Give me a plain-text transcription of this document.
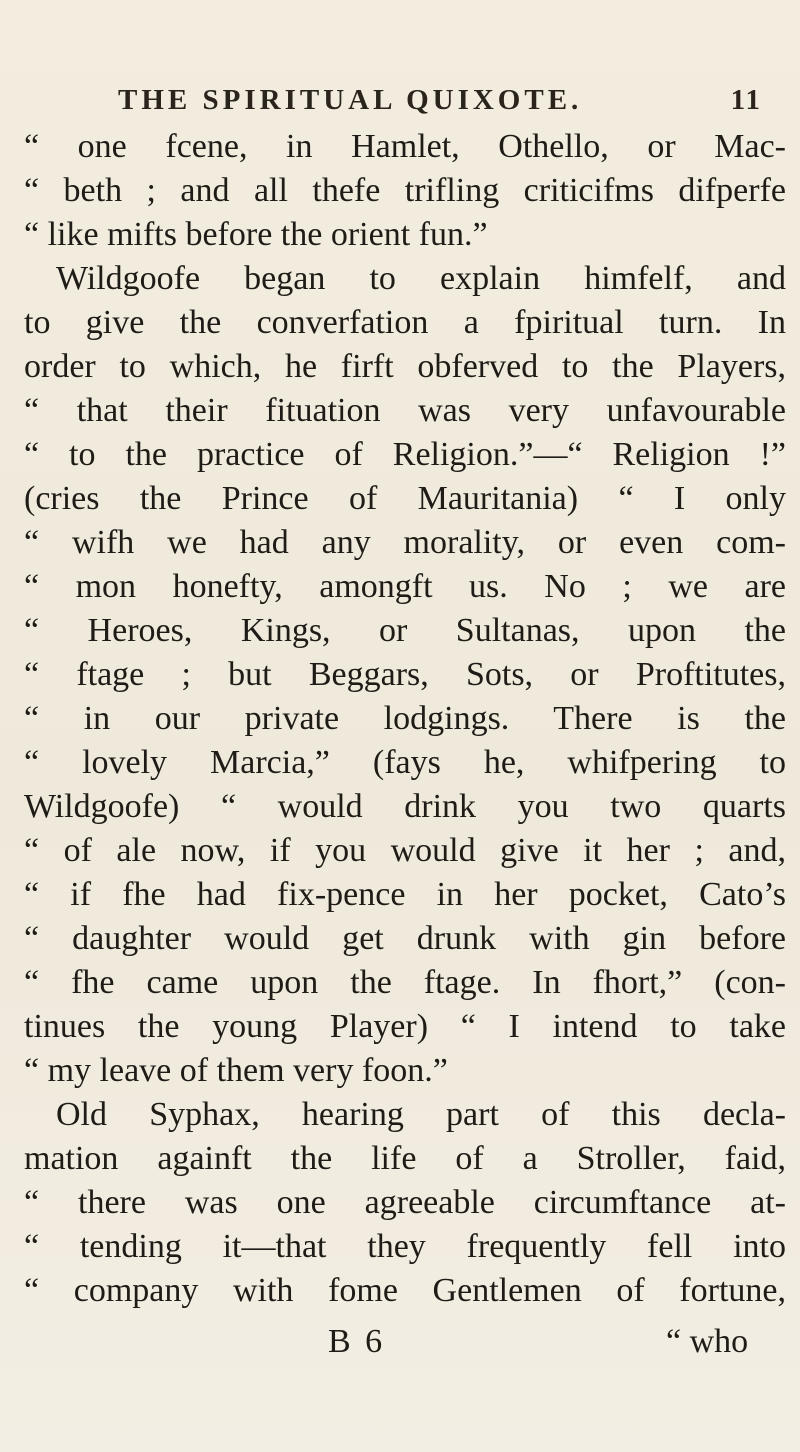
THE SPIRITUAL QUIXOTE.	11
“ one fcene, in Hamlet, Othello, or Mac-
“ beth ; and all thefe trifling criticifms difperfe
“ like mifts before the orient fun.”
Wildgoofe began to explain himfelf, and
to give the converfation a fpiritual turn. In
order to which, he firft obferved to the Players,
“ that their fituation was very unfavourable
“ to the practice of Religion.”—“ Religion !”
(cries the Prince of Mauritania) “ I only
“ wifh we had any morality, or even com-
“ mon honefty, amongft us. No ; we are
“ Heroes, Kings, or Sultanas, upon the
“ ftage ; but Beggars, Sots, or Proftitutes,
“ in our private lodgings. There is the
“ lovely Marcia,” (fays he, whifpering to
Wildgoofe) “ would drink you two quarts
“ of ale now, if you would give it her ; and,
“ if fhe had fix-pence in her pocket, Cato’s
“ daughter would get drunk with gin before
“ fhe came upon the ftage. In fhort,” (con-
tinues the young Player) “ I intend to take
“ my leave of them very foon.”
Old Syphax, hearing part of this decla-
mation againft the life of a Stroller, faid,
“ there was one agreeable circumftance at-
“ tending it—that they frequently fell into
“ company with fome Gentlemen of fortune,
B 6	“ who
